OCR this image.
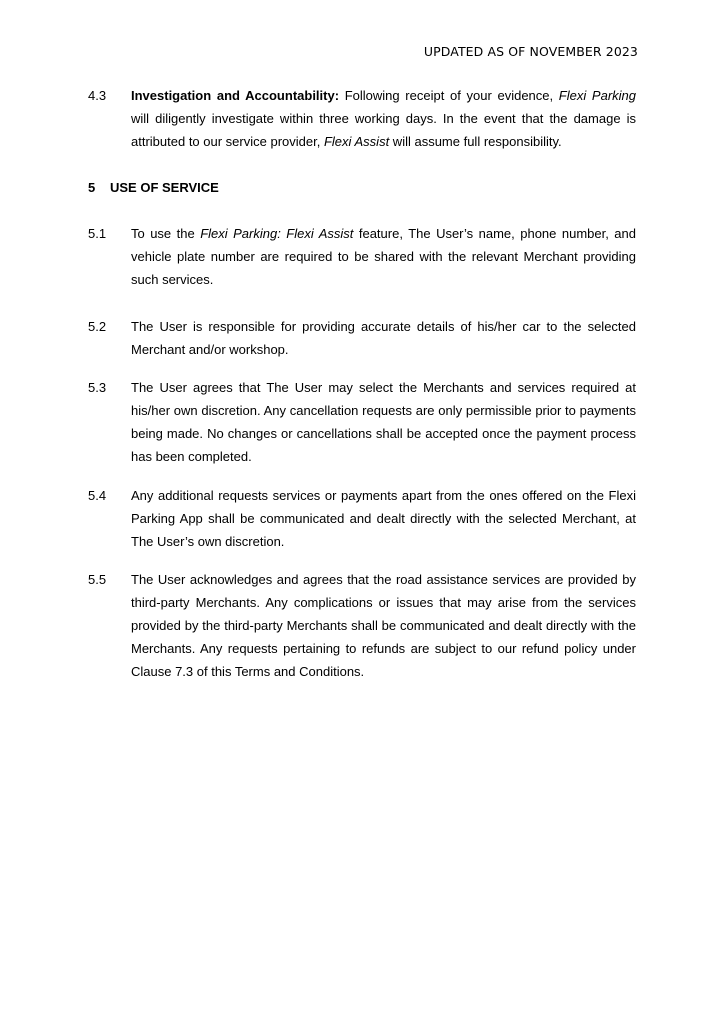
UPDATED AS OF NOVEMBER 2023
4.3	Investigation and Accountability: Following receipt of your evidence, Flexi Parking will diligently investigate within three working days. In the event that the damage is attributed to our service provider, Flexi Assist will assume full responsibility.
5 USE OF SERVICE
5.1	To use the Flexi Parking: Flexi Assist feature, The User’s name, phone number, and vehicle plate number are required to be shared with the relevant Merchant providing such services.
5.2	The User is responsible for providing accurate details of his/her car to the selected Merchant and/or workshop.
5.3	The User agrees that The User may select the Merchants and services required at his/her own discretion. Any cancellation requests are only permissible prior to payments being made. No changes or cancellations shall be accepted once the payment process has been completed.
5.4	Any additional requests services or payments apart from the ones offered on the Flexi Parking App shall be communicated and dealt directly with the selected Merchant, at The User’s own discretion.
5.5	The User acknowledges and agrees that the road assistance services are provided by third-party Merchants. Any complications or issues that may arise from the services provided by the third-party Merchants shall be communicated and dealt directly with the Merchants. Any requests pertaining to refunds are subject to our refund policy under Clause 7.3 of this Terms and Conditions.
